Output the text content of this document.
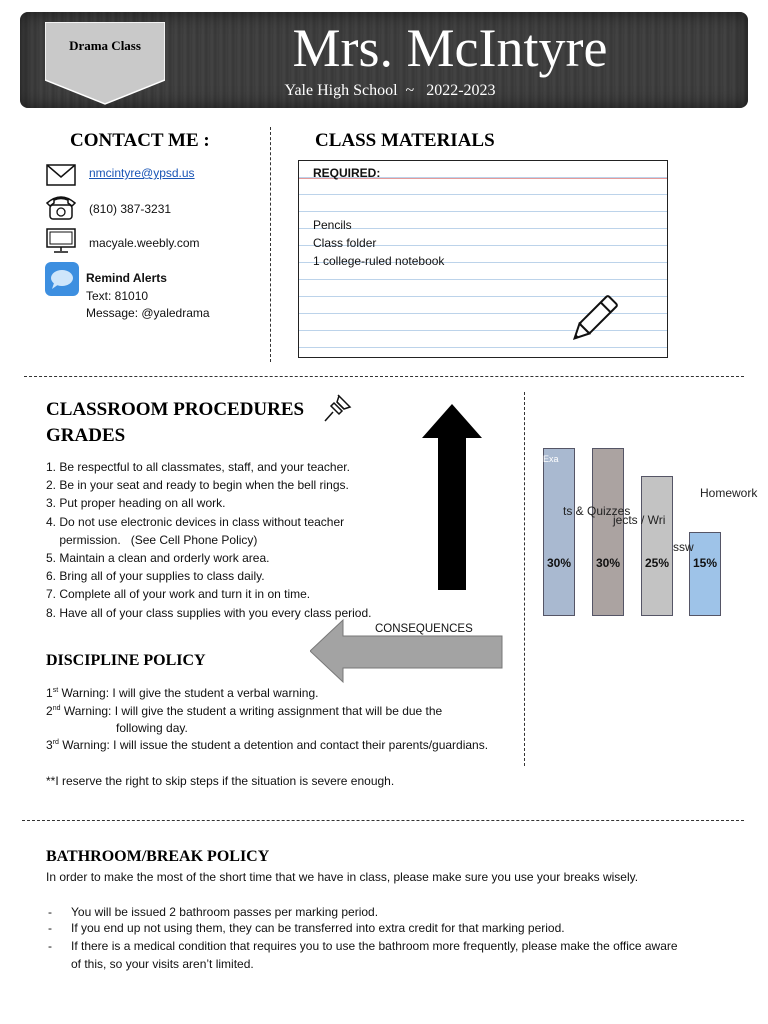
Drama Class	Mrs. McIntyre
Yale High School  ~   2022-2023
CONTACT ME :
nmcintyre@ypsd.us
(810) 387-3231
macyale.weebly.com
Remind Alerts
Text: 81010
Message: @yaledrama
CLASS MATERIALS
REQUIRED:
Pencils
Class folder
1 college-ruled notebook
CLASSROOM PROCEDURES
GRADES
1. Be respectful to all classmates, staff, and your teacher.
2. Be in your seat and ready to begin when the bell rings.
3. Put proper heading on all work.
4. Do not use electronic devices in class without teacher
permission.   (See Cell Phone Policy)
5. Maintain a clean and orderly work area.
6. Bring all of your supplies to class daily.
7. Complete all of your work and turn it in on time.
8. Have all of your class supplies with you every class period.
CONSEQUENCES
30% 30% 25% 15%
Exa
ts & Quizzes
jects / Wri
Homework
ssw
DISCIPLINE POLICY
1st Warning: I will give the student a verbal warning.
2nd Warning: I will give the student a writing assignment that will be due the
following day.
3rd Warning: I will issue the student a detention and contact their parents/guardians.
**I reserve the right to skip steps if the situation is severe enough.
BATHROOM/BREAK POLICY
In order to make the most of the short time that we have in class, please make sure you use your breaks wisely.
- You will be issued 2 bathroom passes per marking period.
- If you end up not using them, they can be transferred into extra credit for that marking period.
- If there is a medical condition that requires you to use the bathroom more frequently, please make the office aware
of this, so your visits aren’t limited.
